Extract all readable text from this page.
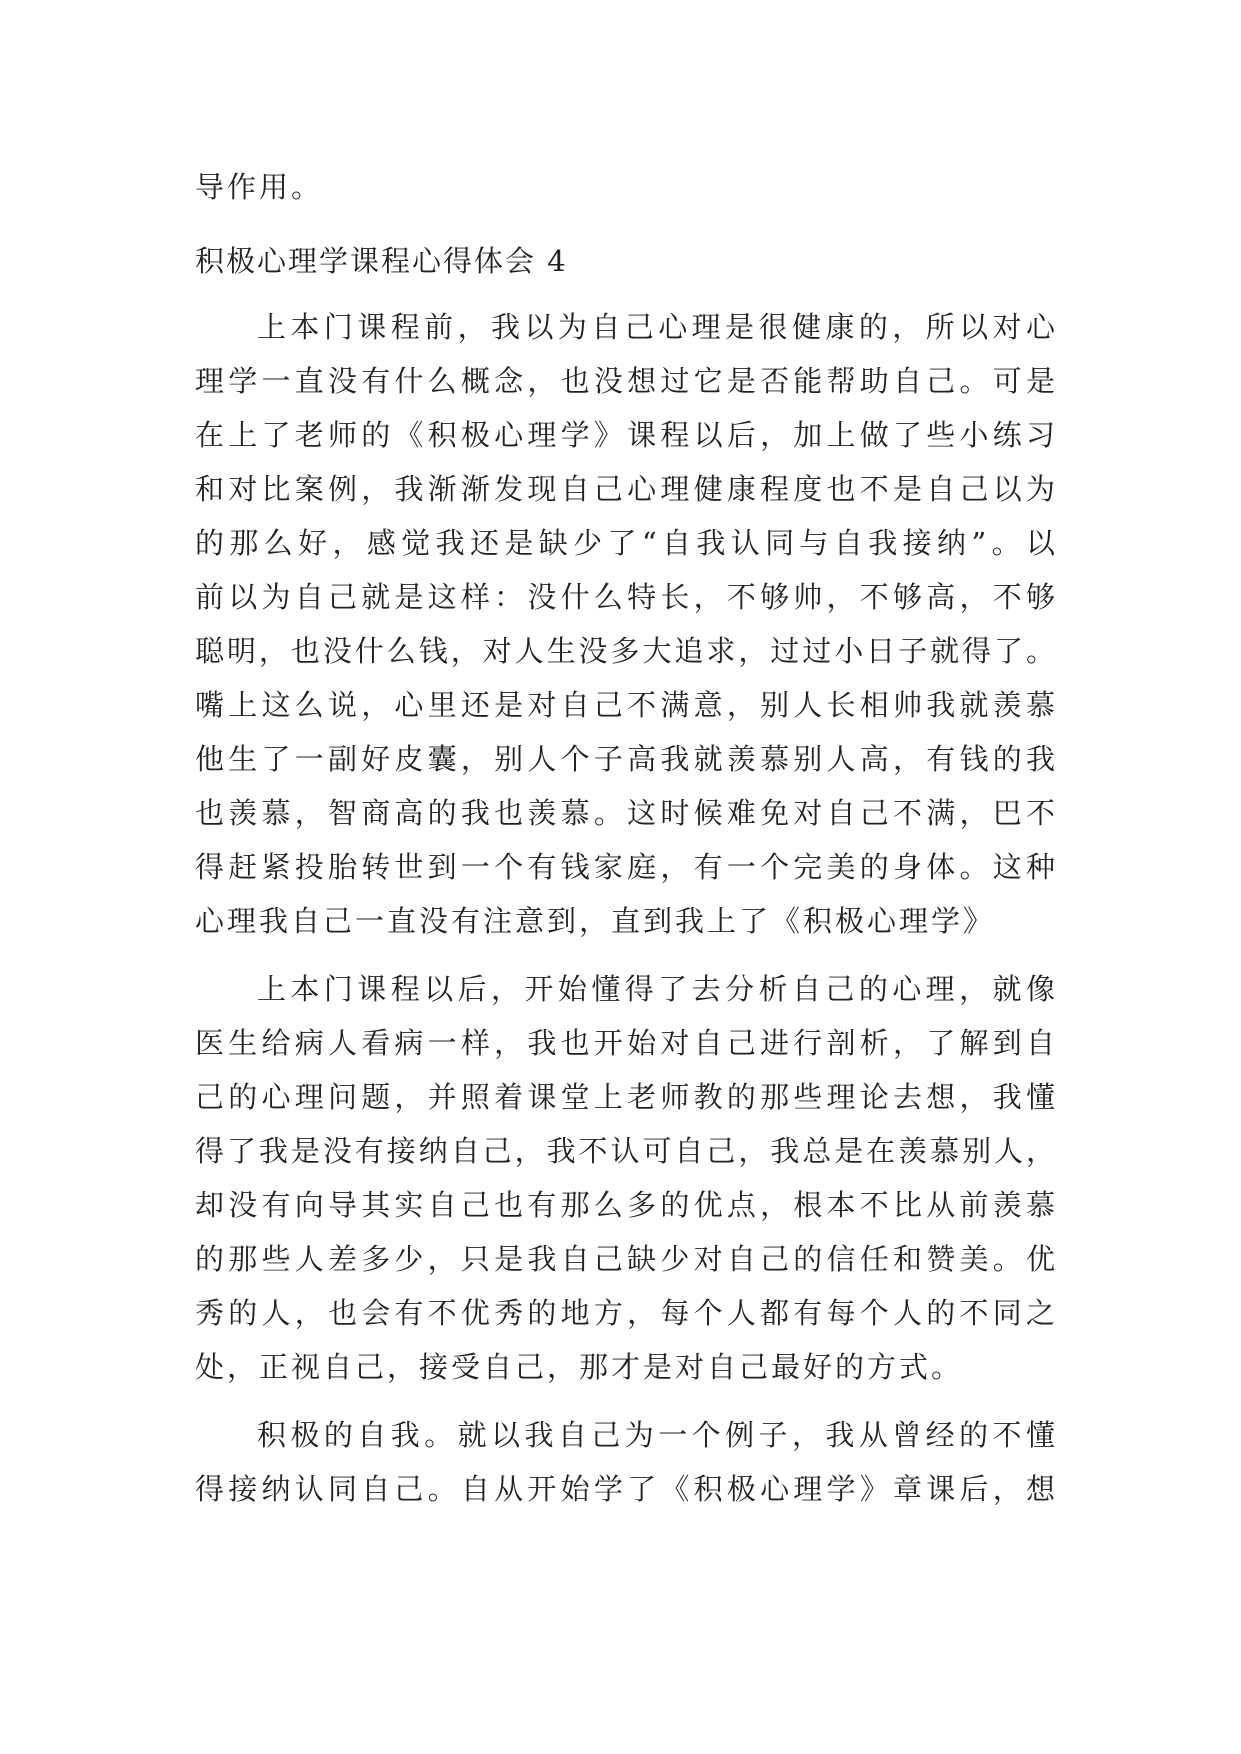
导作用。

积极心理学课程心得体会 4

上本门课程前，我以为自己心理是很健康的，所以对心

理学一直没有什么概念，也没想过它是否能帮助自己。可是

在上了老师的《积极心理学》课程以后，加上做了些小练习

和对比案例，我渐渐发现自己心理健康程度也不是自己以为

的那么好，感觉我还是缺少了“自我认同与自我接纳”。以

前以为自己就是这样：没什么特长，不够帅，不够高，不够

聪明，也没什么钱，对人生没多大追求，过过小日子就得了。

嘴上这么说，心里还是对自己不满意，别人长相帅我就羡慕

他生了一副好皮囊，别人个子高我就羡慕别人高，有钱的我

也羡慕，智商高的我也羡慕。这时候难免对自己不满，巴不

得赶紧投胎转世到一个有钱家庭，有一个完美的身体。这种

心理我自己一直没有注意到，直到我上了《积极心理学》

上本门课程以后，开始懂得了去分析自己的心理，就像

医生给病人看病一样，我也开始对自己进行剖析，了解到自

己的心理问题，并照着课堂上老师教的那些理论去想，我懂

得了我是没有接纳自己，我不认可自己，我总是在羡慕别人，

却没有向导其实自己也有那么多的优点，根本不比从前羡慕

的那些人差多少，只是我自己缺少对自己的信任和赞美。优

秀的人，也会有不优秀的地方，每个人都有每个人的不同之

处，正视自己，接受自己，那才是对自己最好的方式。

积极的自我。就以我自己为一个例子，我从曾经的不懂

得接纳认同自己。自从开始学了《积极心理学》章课后，想
